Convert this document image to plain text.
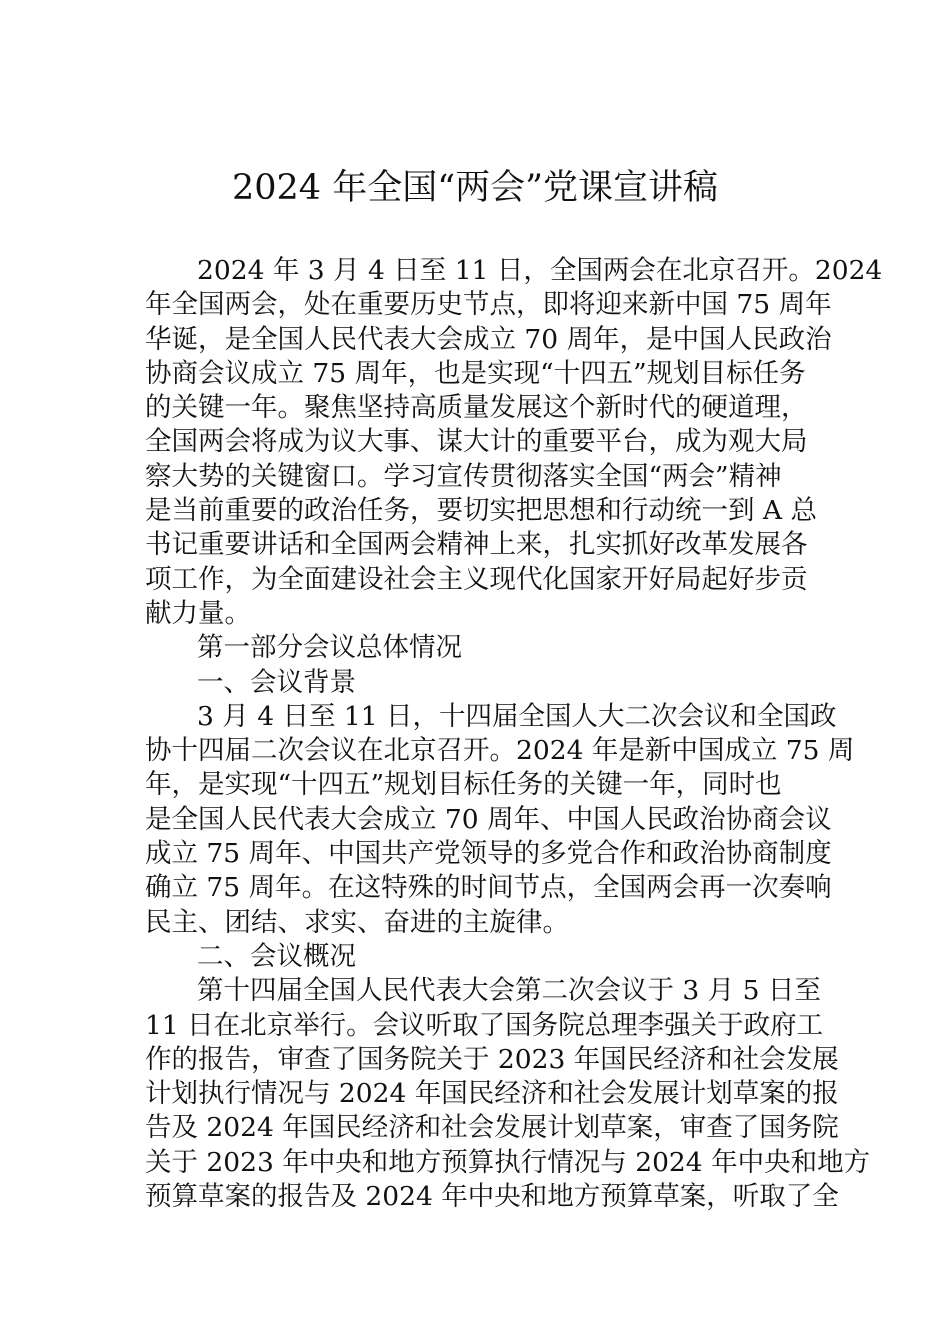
2024 年全国“两会”党课宣讲稿
2024 年 3 月 4 日至 11 日，全国两会在北京召开。2024
年全国两会，处在重要历史节点，即将迎来新中国 75 周年
华诞，是全国人民代表大会成立 70 周年，是中国人民政治
协商会议成立 75 周年，也是实现“十四五”规划目标任务
的关键一年。聚焦坚持高质量发展这个新时代的硬道理，
全国两会将成为议大事、谋大计的重要平台，成为观大局
察大势的关键窗口。学习宣传贯彻落实全国“两会”精神
是当前重要的政治任务，要切实把思想和行动统一到 A 总
书记重要讲话和全国两会精神上来，扎实抓好改革发展各
项工作，为全面建设社会主义现代化国家开好局起好步贡
献力量。
第一部分会议总体情况
一、会议背景
3 月 4 日至 11 日，十四届全国人大二次会议和全国政
协十四届二次会议在北京召开。2024 年是新中国成立 75 周
年，是实现“十四五”规划目标任务的关键一年，同时也
是全国人民代表大会成立 70 周年、中国人民政治协商会议
成立 75 周年、中国共产党领导的多党合作和政治协商制度
确立 75 周年。在这特殊的时间节点，全国两会再一次奏响
民主、团结、求实、奋进的主旋律。
二、会议概况
第十四届全国人民代表大会第二次会议于 3 月 5 日至
11 日在北京举行。会议听取了国务院总理李强关于政府工
作的报告，审查了国务院关于 2023 年国民经济和社会发展
计划执行情况与 2024 年国民经济和社会发展计划草案的报
告及 2024 年国民经济和社会发展计划草案，审查了国务院
关于 2023 年中央和地方预算执行情况与 2024 年中央和地方
预算草案的报告及 2024 年中央和地方预算草案，听取了全
